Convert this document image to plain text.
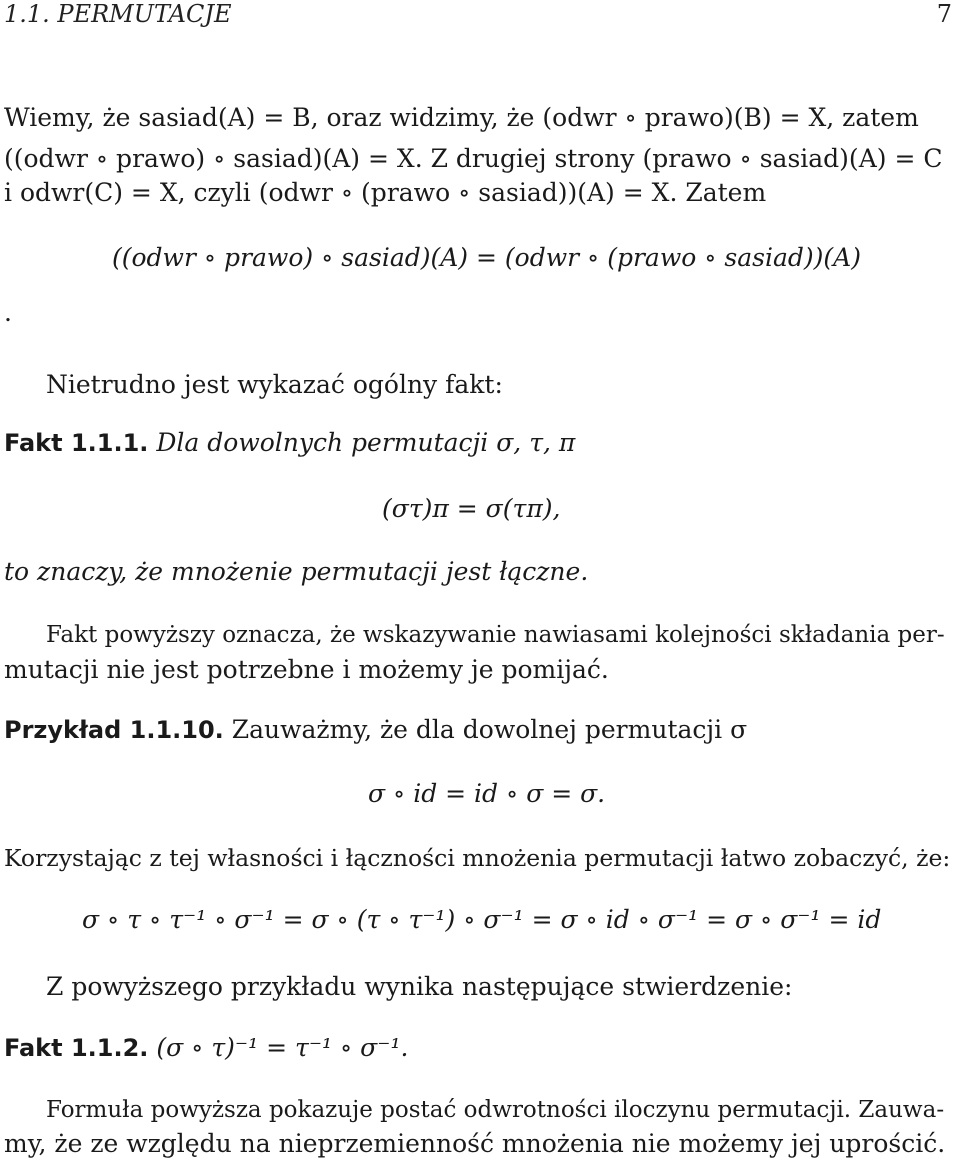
1.1. PERMUTACJE	7
Wiemy, że sasiad(A) = B, oraz widzimy, że (odwr ∘ prawo)(B) = X, zatem
((odwr ∘ prawo) ∘ sasiad)(A) = X. Z drugiej strony (prawo ∘ sasiad)(A) = C
i odwr(C) = X, czyli (odwr ∘ (prawo ∘ sasiad))(A) = X. Zatem
((odwr ∘ prawo) ∘ sasiad)(A) = (odwr ∘ (prawo ∘ sasiad))(A)
.
Nietrudno jest wykazać ogólny fakt:
Fakt 1.1.1. Dla dowolnych permutacji σ, τ, π
(στ)π = σ(τπ),
to znaczy, że mnożenie permutacji jest łączne.
Fakt powyższy oznacza, że wskazywanie nawiasami kolejności składania per-
mutacji nie jest potrzebne i możemy je pomijać.
Przykład 1.1.10. Zauważmy, że dla dowolnej permutacji σ
σ ∘ id = id ∘ σ = σ.
Korzystając z tej własności i łączności mnożenia permutacji łatwo zobaczyć, że:
σ ∘ τ ∘ τ⁻¹ ∘ σ⁻¹ = σ ∘ (τ ∘ τ⁻¹) ∘ σ⁻¹ = σ ∘ id ∘ σ⁻¹ = σ ∘ σ⁻¹ = id
Z powyższego przykładu wynika następujące stwierdzenie:
Fakt 1.1.2. (σ ∘ τ)⁻¹ = τ⁻¹ ∘ σ⁻¹.
Formuła powyższa pokazuje postać odwrotności iloczynu permutacji. Zauwa-
my, że ze względu na nieprzemienność mnożenia nie możemy jej uprościć.
